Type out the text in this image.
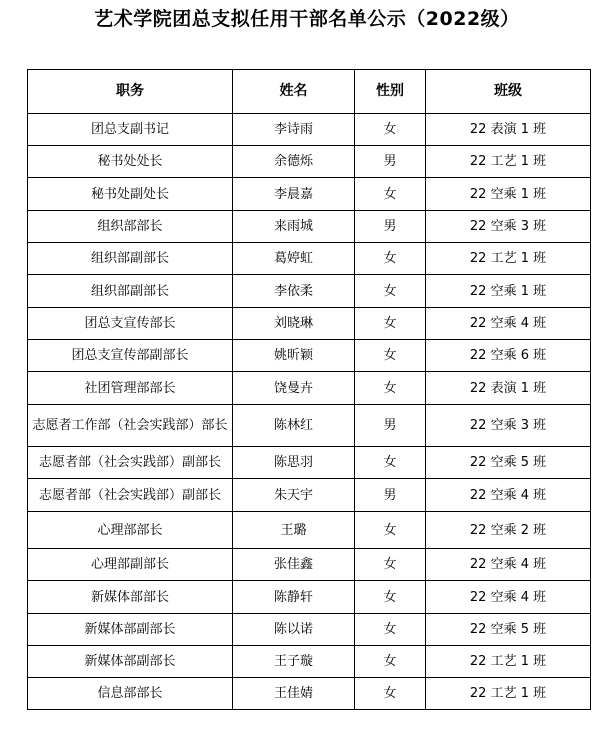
艺术学院团总支拟任用干部名单公示（2022级）
职务	姓名	性别	班级
团总支副书记	李诗雨	女	22 表演 1 班
秘书处处长	余德烁	男	22 工艺 1 班
秘书处副处长	李晨嘉	女	22 空乘 1 班
组织部部长	来雨城	男	22 空乘 3 班
组织部副部长	葛婷虹	女	22 工艺 1 班
组织部副部长	李依柔	女	22 空乘 1 班
团总支宣传部长	刘晓琳	女	22 空乘 4 班
团总支宣传部副部长	姚昕颖	女	22 空乘 6 班
社团管理部部长	饶曼卉	女	22 表演 1 班
志愿者工作部（社会实践部）部长	陈林红	男	22 空乘 3 班
志愿者部（社会实践部）副部长	陈思羽	女	22 空乘 5 班
志愿者部（社会实践部）副部长	朱天宇	男	22 空乘 4 班
心理部部长	王璐	女	22 空乘 2 班
心理部副部长	张佳鑫	女	22 空乘 4 班
新媒体部部长	陈静轩	女	22 空乘 4 班
新媒体部副部长	陈以诺	女	22 空乘 5 班
新媒体部副部长	王子璇	女	22 工艺 1 班
信息部部长	王佳婧	女	22 工艺 1 班
